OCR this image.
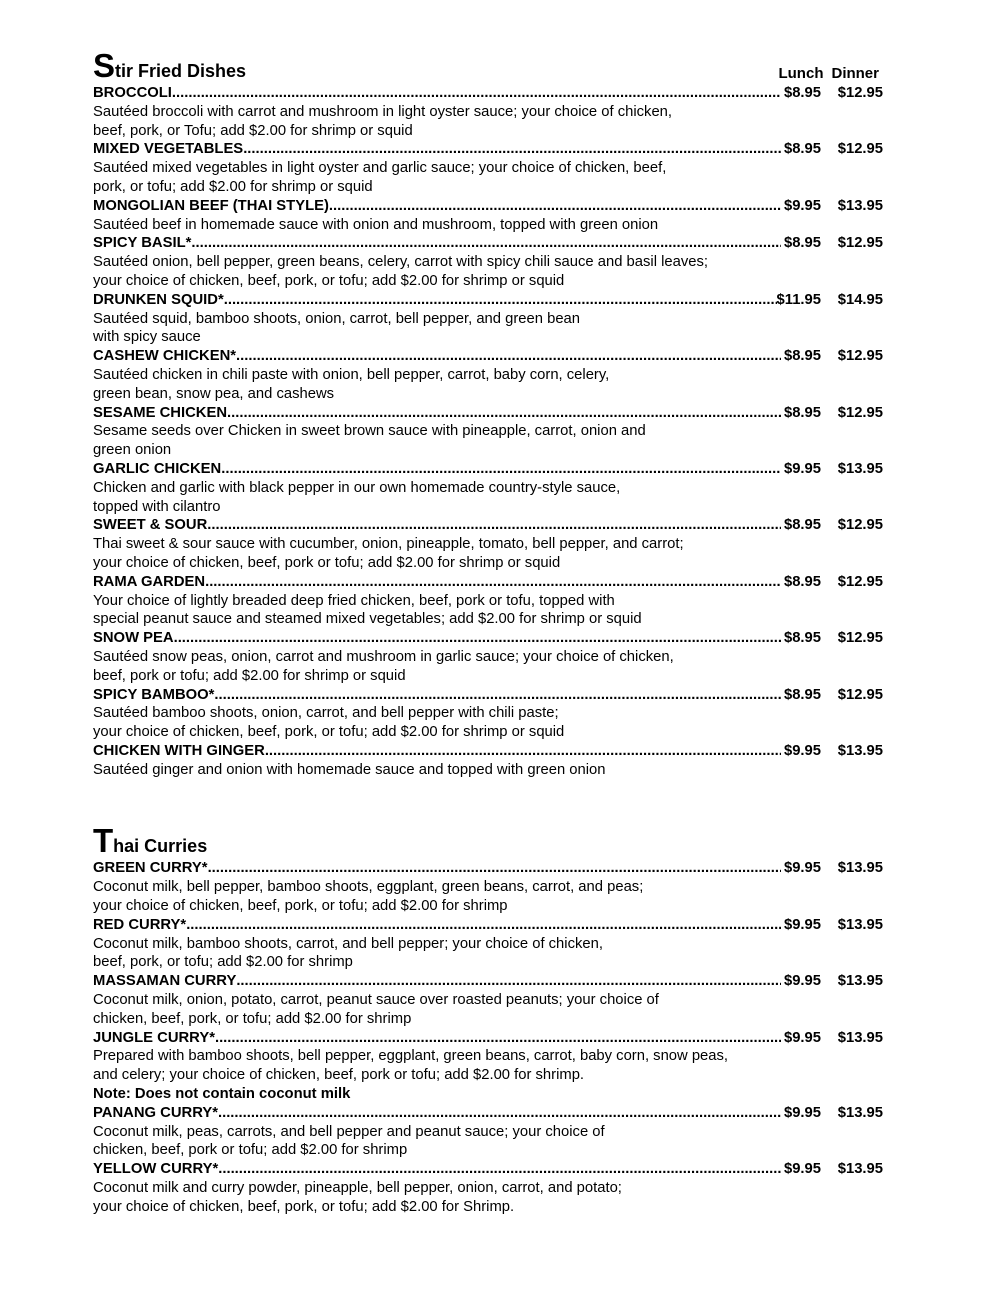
Stir Fried Dishes	Lunch Dinner
BROCCOLI .....	$8.95	$12.95
Sautéed broccoli with carrot and mushroom in light oyster sauce; your choice of chicken,
beef, pork, or Tofu; add $2.00 for shrimp or squid
MIXED VEGETABLES .....	$8.95	$12.95
Sautéed mixed vegetables in light oyster and garlic sauce; your choice of chicken, beef,
pork, or tofu; add $2.00 for shrimp or squid
MONGOLIAN BEEF (THAI STYLE) .....	$9.95	$13.95
Sautéed beef in homemade sauce with onion and mushroom, topped with green onion
SPICY BASIL* .....	$8.95	$12.95
Sautéed onion, bell pepper, green beans, celery, carrot with spicy chili sauce and basil leaves;
your choice of chicken, beef, pork, or tofu; add $2.00 for shrimp or squid
DRUNKEN SQUID* .....	$11.95	$14.95
Sautéed squid, bamboo shoots, onion, carrot, bell pepper, and green bean
with spicy sauce
CASHEW CHICKEN* .....	$8.95	$12.95
Sautéed chicken in chili paste with onion, bell pepper, carrot, baby corn, celery,
green bean, snow pea, and cashews
SESAME CHICKEN .....	$8.95	$12.95
Sesame seeds over Chicken in sweet brown sauce with pineapple, carrot, onion and
green onion
GARLIC CHICKEN .....	$9.95	$13.95
Chicken and garlic with black pepper in our own homemade country-style sauce,
topped with cilantro
SWEET & SOUR .....	$8.95	$12.95
Thai sweet & sour sauce with cucumber, onion, pineapple, tomato, bell pepper, and carrot;
your choice of chicken, beef, pork or tofu; add $2.00 for shrimp or squid
RAMA GARDEN .....	$8.95	$12.95
Your choice of lightly breaded deep fried chicken, beef, pork or tofu, topped with
special peanut sauce and steamed mixed vegetables; add $2.00 for shrimp or squid
SNOW PEA .....	$8.95	$12.95
Sautéed snow peas, onion, carrot and mushroom in garlic sauce; your choice of chicken,
beef, pork or tofu; add $2.00 for shrimp or squid
SPICY BAMBOO* .....	$8.95	$12.95
Sautéed bamboo shoots, onion, carrot, and bell pepper with chili paste;
your choice of chicken, beef, pork, or tofu; add $2.00 for shrimp or squid
CHICKEN WITH GINGER .....	$9.95	$13.95
Sautéed ginger and onion with homemade sauce and topped with green onion
Thai Curries
GREEN CURRY* .....	$9.95	$13.95
Coconut milk, bell pepper, bamboo shoots, eggplant, green beans, carrot, and peas;
your choice of chicken, beef, pork, or tofu; add $2.00 for shrimp
RED CURRY* .....	$9.95	$13.95
Coconut milk, bamboo shoots, carrot, and bell pepper; your choice of chicken,
beef, pork, or tofu; add $2.00 for shrimp
MASSAMAN CURRY .....	$9.95	$13.95
Coconut milk, onion, potato, carrot, peanut sauce over roasted peanuts; your choice of
chicken, beef, pork, or tofu; add $2.00 for shrimp
JUNGLE CURRY* .....	$9.95	$13.95
Prepared with bamboo shoots, bell pepper, eggplant, green beans, carrot, baby corn, snow peas,
and celery; your choice of chicken, beef, pork or tofu; add $2.00 for shrimp.
Note: Does not contain coconut milk
PANANG CURRY* .....	$9.95	$13.95
Coconut milk, peas, carrots, and bell pepper and peanut sauce; your choice of
chicken, beef, pork or tofu; add $2.00 for shrimp
YELLOW CURRY* .....	$9.95	$13.95
Coconut milk and curry powder, pineapple, bell pepper, onion, carrot, and potato;
your choice of chicken, beef, pork, or tofu; add $2.00 for Shrimp.
